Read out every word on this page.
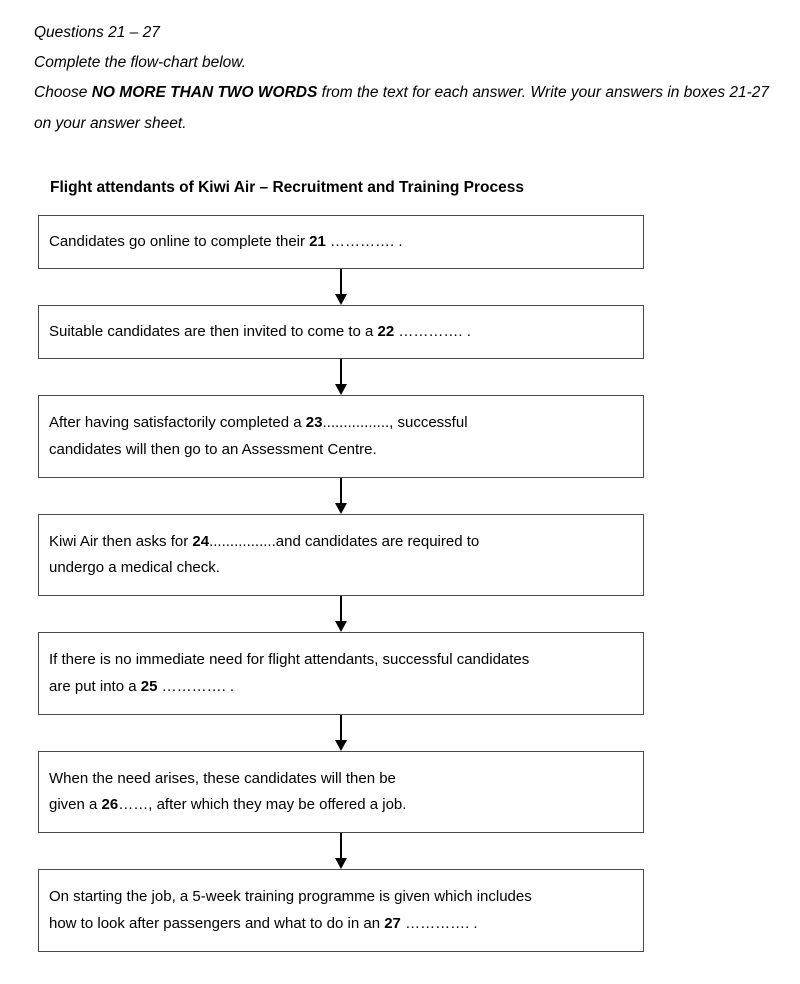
Questions 21 – 27
Complete the flow-chart below.
Choose NO MORE THAN TWO WORDS from the text for each answer. Write your answers in boxes 21-27 on your answer sheet.
Flight attendants of Kiwi Air – Recruitment and Training Process
Candidates go online to complete their 21 …………. .
Suitable candidates are then invited to come to a 22 …………. .
After having satisfactorily completed a 23................, successful
candidates will then go to an Assessment Centre.
Kiwi Air then asks for 24................and candidates are required to
undergo a medical check.
If there is no immediate need for flight attendants, successful candidates
are put into a 25 …………. .
When the need arises, these candidates will then be
given a 26……, after which they may be offered a job.
On starting the job, a 5-week training programme is given which includes
how to look after passengers and what to do in an 27 …………. .
